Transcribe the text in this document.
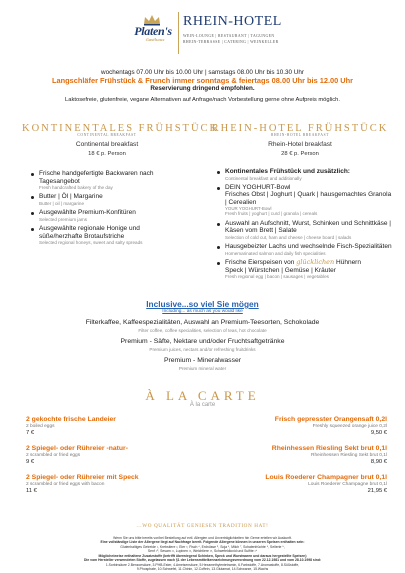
Platen's
Gasthaus
RHEIN-HOTEL
WEIN-LOUNGE | RESTAURANT | TAGUNGEN
RHEIN-TERRASSE | CATERING | WEINKELLER
wochentags 07.00 Uhr bis 10.00 Uhr | samstags 08.00 Uhr bis 10.30 Uhr
Langschläfer Frühstück & Frunch immer sonntags & feiertags 08.00 Uhr bis 12.00 Uhr
Reservierung dringend empfohlen.
Laktosefreie, glutenfreie, vegane Alternativen auf Anfrage/nach Vorbestellung gerne ohne Aufpreis möglich.
KONTINENTALES FRÜHSTÜCK
CONTINENTAL BREAKFAST
Continental breakfast
18 € p. Person
Frische handgefertigte Backwaren nach Tagesangebot
Fresh handcrafted bakery of the day
Butter | Öl | Margarine
Butter | oil | margarine
Ausgewählte Premium-Konfitüren
Selected premium jams
Ausgewählte regionale Honige und süße/herzhafte Brotaufstriche
Selected regional honeys, sweet and salty spreads
RHEIN-HOTEL FRÜHSTÜCK
RHEIN-HOTEL BREAKFAST
Rhein-Hotel breakfast
28 € p. Person
Kontinentales Frühstück und zusätzlich:
Continental breakfast and additionally
DEIN YOGHURT-Bowl
Frisches Obst | Joghurt | Quark | hausgemachtes Granola | Cerealien
YOUR YOGHURT-Bowl
Fresh fruits | yoghurt | curd | granola | cereals
Auswahl an Aufschnitt, Wurst, Schinken und Schnittkäse | Käsen vom Brett | Salate
Selection of cold cut, ham and cheese | cheese board | salads
Hausgebeizter Lachs und wechselnde Fisch-Spezialitäten
Homemarinated salmon and daily fish specialities
Frische Eierspeisen von glücklichen Hühnern
Speck | Würstchen | Gemüse | Kräuter
Fresh regional egg | bacon | sausages | vegetables
Inclusive...so viel Sie mögen
Including... as much as you would like
Filterkaffee, Kaffeespezialitäten, Auswahl an Premium-Teesorten, Schokolade
Filter coffee, coffee specialities, selection of teas, hot chocolate
Premium - Säfte, Nektare und/oder Fruchtsaftgetränke
Premium juices, nectars and/or refreshing fruitdrinks
Premium - Mineralwasser
Premium mineral water
À LA CARTE
À la carte
2 gekochte frische Landeier
2 boiled eggs
7 €
2 Spiegel- oder Rühreier -natur-
2 scrambled or fried eggs
9 €
2 Spiegel- oder Rühreier mit Speck
2 scrambled or fried eggs with bacon
11 €
Frisch gepresster Orangensaft 0,2l
Freshly squeezed orange juice 0,2l
9,50 €
Rheinhessen Riesling Sekt brut 0,1l
Rheinhessen Riesling Sekt brut 0,1l
8,90 €
Louis Roederer Champagner brut 0,1l
Louis Roederer Champagne brut 0,1l
21,95 €
...WO QUALITÄT GENIESEN TRADITION HAT!
Wenn Sie uns bitte bereits vor/bei Bestellung auf evtl. Allergien und Unverträglichkeiten hin Gerne erteilen wir Auskunft.
Eine vollständige Liste der Allergene liegt auf Nachfrage bereit. Folgende Allergene können in unseren Speisen enthalten sein:
Glutenhaltiges Getreide ¹, Krebstiere ², Eier ³, Fisch ⁴, Erdnüsse ⁵, Soja ⁶, Milch ⁷, Schalenfrüchte ⁸, Sellerie ⁹,
Senf ¹⁰, Sesam ¹¹, Lupinen ¹², Weichtiere ¹³, Schwefeldioxid und Sulfite ¹⁴
Mögliche/weise enthaltene Zusatzstoffe (betrifft überwiegend Schinken, Speck und Wurstwaren und daraus hergestellte Speisen)
Die vom Hersteller verwendeten Stoffe, zugelassen nach §1 der Lebensmittelkennzeichnungsverordnung vom 22.12.1981 und vom 28.10.1998 sind:
1.Sorbinsäure 2.Benzoesäure, 3.PHB-Ester, 4.Ameisensäure, 5.Hexamethylentetramin, 6.Farbstoffe, 7.Aromastoffe, 8.Süßstoffe,
9.Phosphate, 10.Schwefel, 11.Chinin, 12.Coffein, 13.Glutamat, 14.Schwarze, 15.Wachs
